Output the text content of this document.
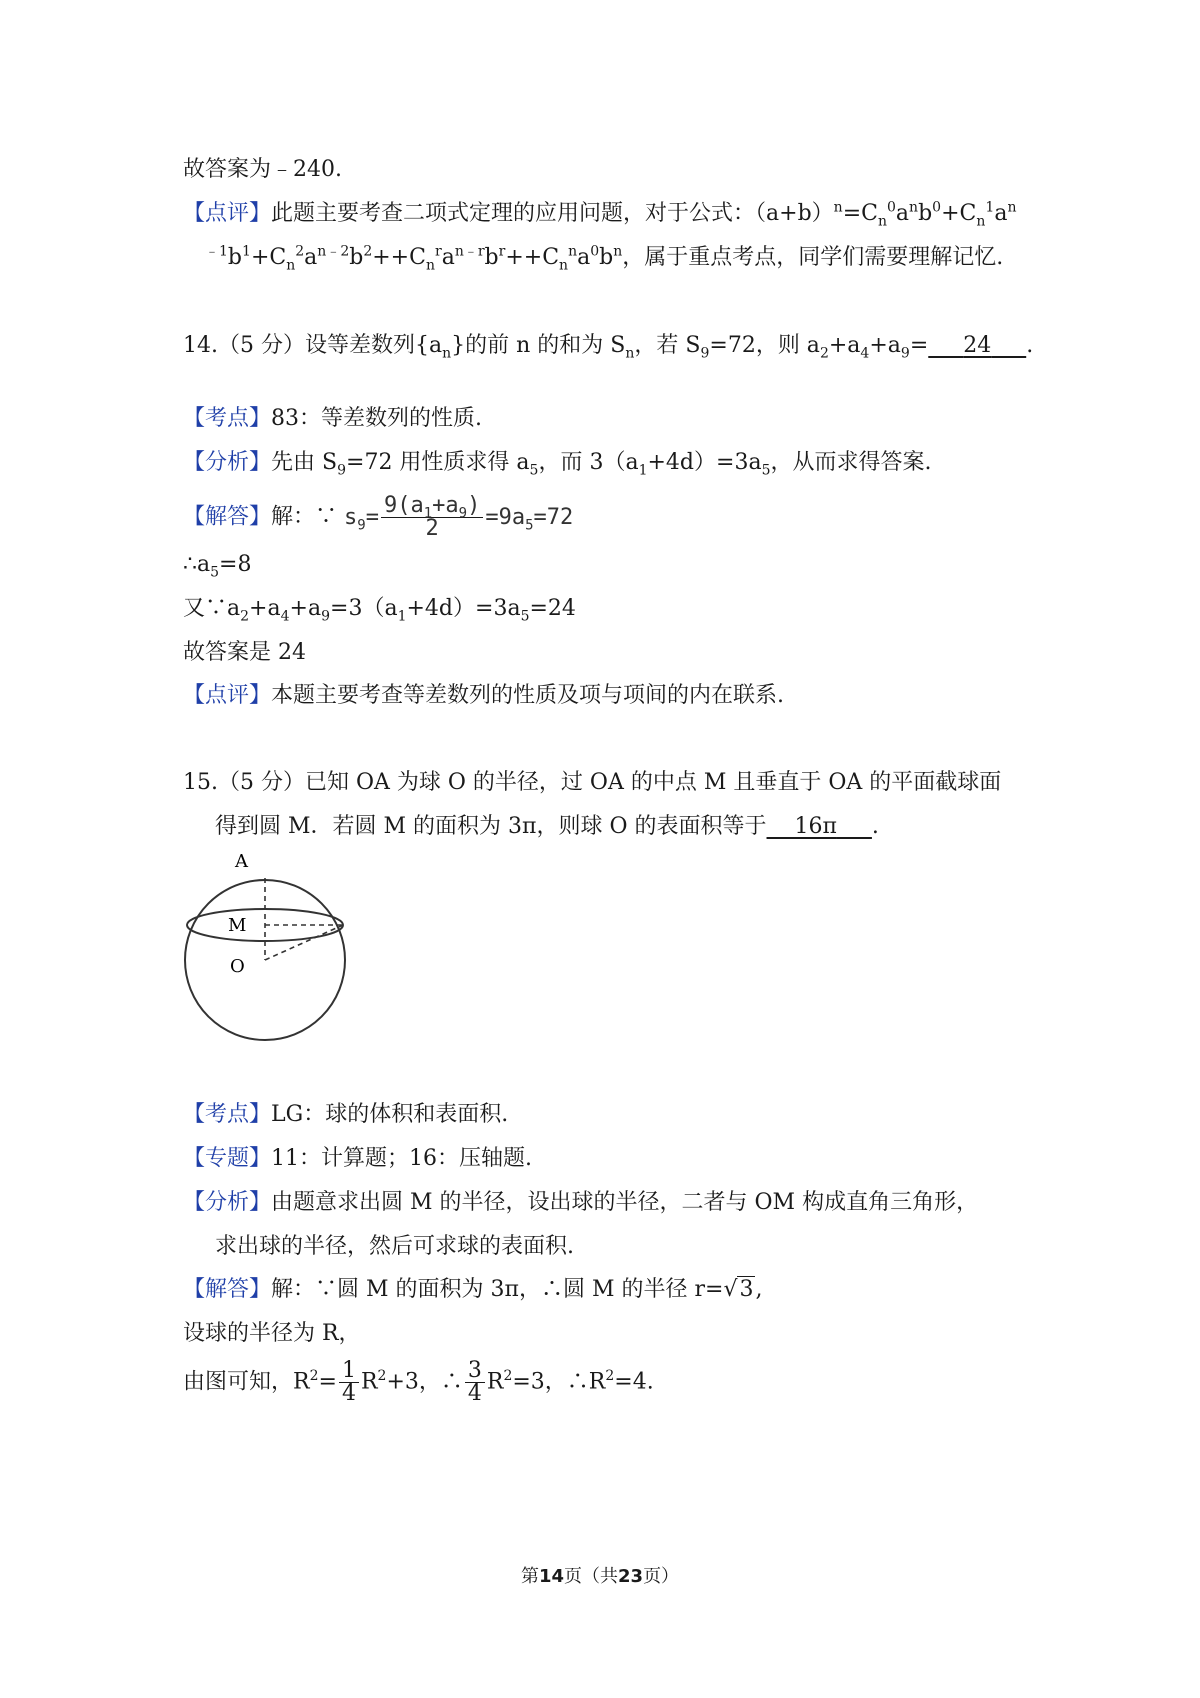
故答案为﹣240.
【点评】此题主要考查二项式定理的应用问题，对于公式：$(a+b)^n=C_n^0a^nb^0+C_n^1a^n$
$^{﹣1}b^1+C_n^2a^{n﹣2}b^2++C_n^ra^{n﹣r}b^r++C_n^na^0b^n$，属于重点考点，同学们需要理解记忆.
14.（5 分）设等差数列$\{a_n\}$的前 n 的和为 $S_n$，若 $S_9=72$，则 $a_2+a_4+a_9= 24$ .
【考点】83：等差数列的性质.
【分析】先由 $S_9=72$ 用性质求得 $a_5$，而 $3(a_1+4d)=3a_5$，从而求得答案.
【解答】解：∵ $s_9= \frac{9(a_1+a_9)}{2} =9a_5=72$
$\therefore a_5=8$
又$\because a_2+a_4+a_9=3(a_1+4d)=3a_5=24$
故答案是 24
【点评】本题主要考查等差数列的性质及项与项间的内在联系.
15.（5 分）已知 OA 为球 O 的半径，过 OA 的中点 M 且垂直于 OA 的平面截球面
得到圆 M．若圆 M 的面积为 3π，则球 O 的表面积等于 16π .
A
M
O
【考点】LG：球的体积和表面积.
【专题】11：计算题；16：压轴题.
【分析】由题意求出圆 M 的半径，设出球的半径，二者与 OM 构成直角三角形，
求出球的半径，然后可求球的表面积.
【解答】解：∵圆 M 的面积为 3π，∴圆 M 的半径 r=√3,
设球的半径为 R，
由图可知，$R^2= \frac{1}{4} R^2+3$，∴ $\frac{3}{4} R^2=3$，$\therefore R^2=4$.
第14页（共23页）
